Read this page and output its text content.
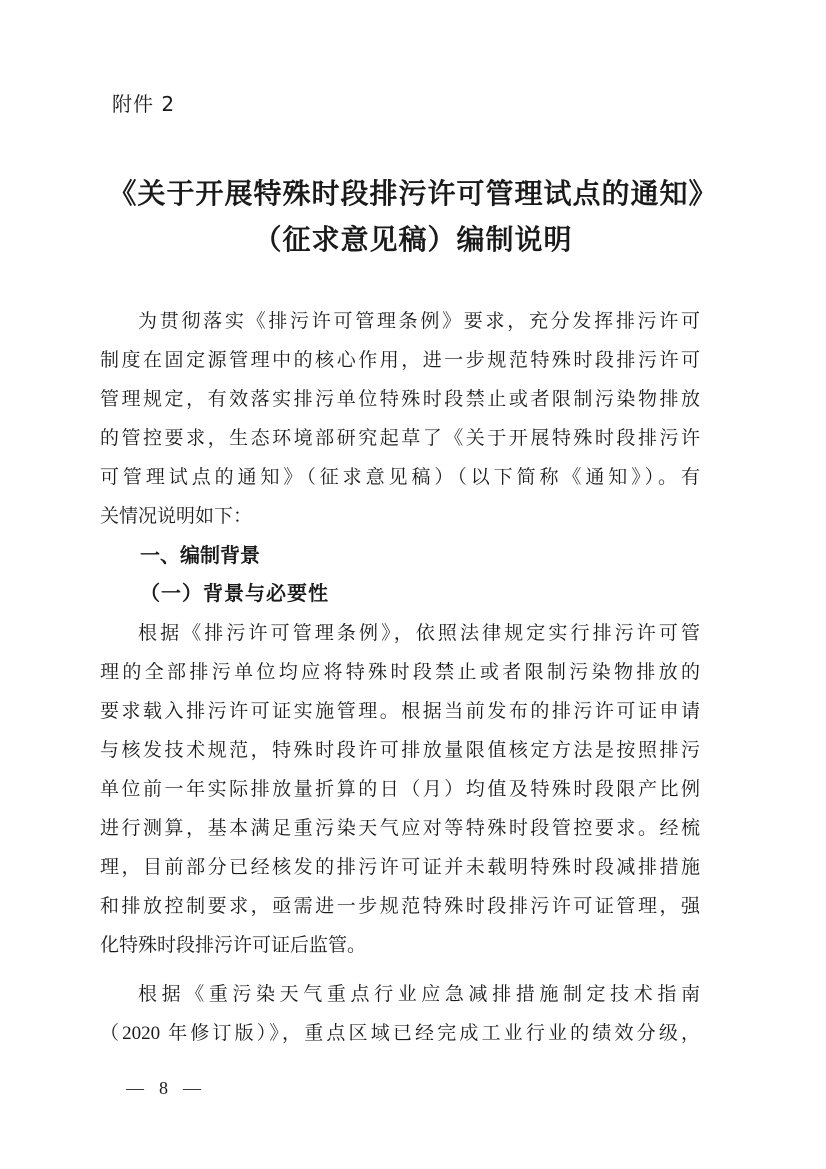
附件 2
《关于开展特殊时段排污许可管理试点的通知》
（征求意见稿）编制说明
为贯彻落实《排污许可管理条例》要求，充分发挥排污许可
制度在固定源管理中的核心作用，进一步规范特殊时段排污许可
管理规定，有效落实排污单位特殊时段禁止或者限制污染物排放
的管控要求，生态环境部研究起草了《关于开展特殊时段排污许
可管理试点的通知》（征求意见稿）（以下简称《通知》）。有
关情况说明如下：
一、编制背景
（一）背景与必要性
根据《排污许可管理条例》，依照法律规定实行排污许可管
理的全部排污单位均应将特殊时段禁止或者限制污染物排放的
要求载入排污许可证实施管理。根据当前发布的排污许可证申请
与核发技术规范，特殊时段许可排放量限值核定方法是按照排污
单位前一年实际排放量折算的日（月）均值及特殊时段限产比例
进行测算，基本满足重污染天气应对等特殊时段管控要求。经梳
理，目前部分已经核发的排污许可证并未载明特殊时段减排措施
和排放控制要求，亟需进一步规范特殊时段排污许可证管理，强
化特殊时段排污许可证后监管。
根据《重污染天气重点行业应急减排措施制定技术指南
（2020 年修订版）》，重点区域已经完成工业行业的绩效分级，
— 8 —
